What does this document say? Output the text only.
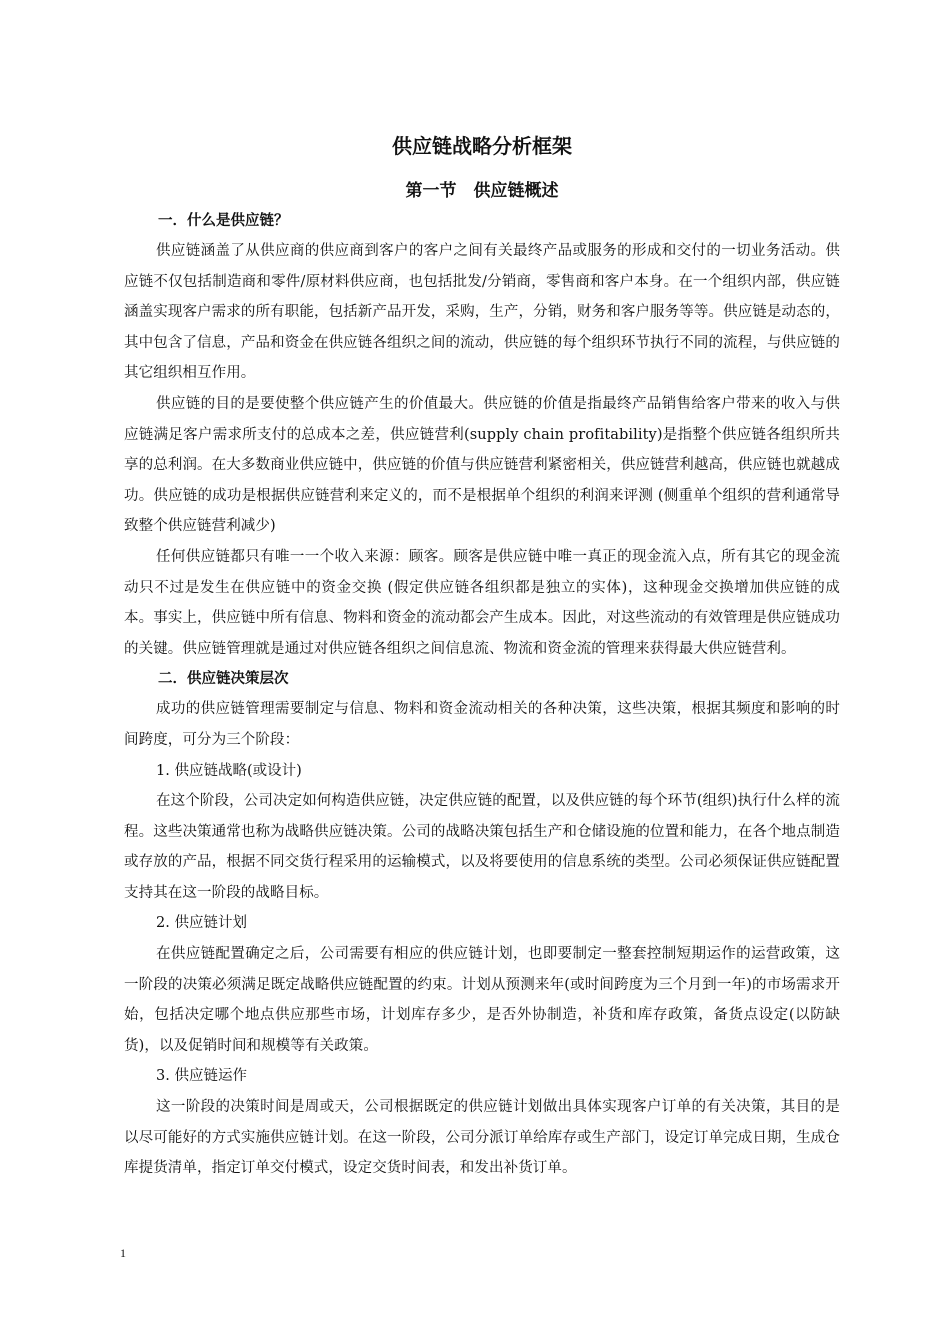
供应链战略分析框架
第一节　供应链概述
一．什么是供应链？

供应链涵盖了从供应商的供应商到客户的客户之间有关最终产品或服务的形成和交付的一切业务活动。供应链不仅包括制造商和零件/原材料供应商，也包括批发/分销商，零售商和客户本身。在一个组织内部，供应链涵盖实现客户需求的所有职能，包括新产品开发，采购，生产，分销，财务和客户服务等等。供应链是动态的，其中包含了信息，产品和资金在供应链各组织之间的流动，供应链的每个组织环节执行不同的流程，与供应链的其它组织相互作用。

供应链的目的是要使整个供应链产生的价值最大。供应链的价值是指最终产品销售给客户带来的收入与供应链满足客户需求所支付的总成本之差，供应链营利(supply chain profitability)是指整个供应链各组织所共享的总利润。在大多数商业供应链中，供应链的价值与供应链营利紧密相关，供应链营利越高，供应链也就越成功。供应链的成功是根据供应链营利来定义的，而不是根据单个组织的利润来评测 (侧重单个组织的营利通常导致整个供应链营利减少)

任何供应链都只有唯一一个收入来源：顾客。顾客是供应链中唯一真正的现金流入点，所有其它的现金流动只不过是发生在供应链中的资金交换 (假定供应链各组织都是独立的实体)，这种现金交换增加供应链的成本。事实上，供应链中所有信息、物料和资金的流动都会产生成本。因此，对这些流动的有效管理是供应链成功的关键。供应链管理就是通过对供应链各组织之间信息流、物流和资金流的管理来获得最大供应链营利。

二．供应链决策层次

成功的供应链管理需要制定与信息、物料和资金流动相关的各种决策，这些决策，根据其频度和影响的时间跨度，可分为三个阶段：

1. 供应链战略(或设计)

在这个阶段，公司决定如何构造供应链，决定供应链的配置，以及供应链的每个环节(组织)执行什么样的流程。这些决策通常也称为战略供应链决策。公司的战略决策包括生产和仓储设施的位置和能力，在各个地点制造或存放的产品，根据不同交货行程采用的运输模式，以及将要使用的信息系统的类型。公司必须保证供应链配置支持其在这一阶段的战略目标。

2. 供应链计划

在供应链配置确定之后，公司需要有相应的供应链计划，也即要制定一整套控制短期运作的运营政策，这一阶段的决策必须满足既定战略供应链配置的约束。计划从预测来年(或时间跨度为三个月到一年)的市场需求开始，包括决定哪个地点供应那些市场，计划库存多少，是否外协制造，补货和库存政策，备货点设定(以防缺货)，以及促销时间和规模等有关政策。

3. 供应链运作

这一阶段的决策时间是周或天，公司根据既定的供应链计划做出具体实现客户订单的有关决策，其目的是以尽可能好的方式实施供应链计划。在这一阶段，公司分派订单给库存或生产部门，设定订单完成日期，生成仓库提货清单，指定订单交付模式，设定交货时间表，和发出补货订单。

1
